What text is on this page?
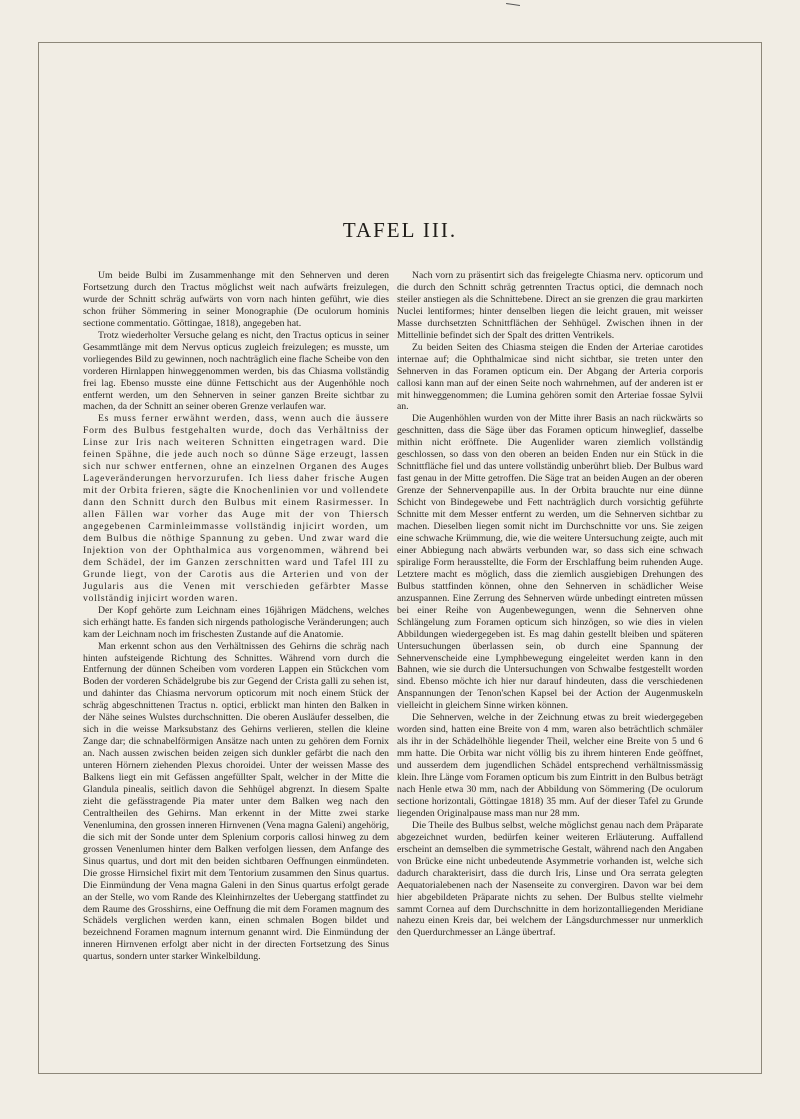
TAFEL III.

Um beide Bulbi im Zusammenhange mit den Sehnerven und deren Fortsetzung durch den Tractus möglichst weit nach aufwärts freizulegen, wurde der Schnitt schräg aufwärts von vorn nach hinten geführt, wie dies schon früher Sömmering in seiner Monographie (De oculorum hominis sectione commentatio. Göttingae, 1818), angegeben hat.

Trotz wiederholter Versuche gelang es nicht, den Tractus opticus in seiner Gesammtlänge mit dem Nervus opticus zugleich freizulegen; es musste, um vorliegendes Bild zu gewinnen, noch nachträglich eine flache Scheibe von den vorderen Hirnlappen hinweggenommen werden, bis das Chiasma vollständig frei lag. Ebenso musste eine dünne Fettschicht aus der Augenhöhle noch entfernt werden, um den Sehnerven in seiner ganzen Breite sichtbar zu machen, da der Schnitt an seiner oberen Grenze verlaufen war.

Es muss ferner erwähnt werden, dass, wenn auch die äussere Form des Bulbus festgehalten wurde, doch das Verhältniss der Linse zur Iris nach weiteren Schnitten eingetragen ward. Die feinen Spähne, die jede auch noch so dünne Säge erzeugt, lassen sich nur schwer entfernen, ohne an einzelnen Organen des Auges Lageveränderungen hervorzurufen. Ich liess daher frische Augen mit der Orbita frieren, sägte die Knochenlinien vor und vollendete dann den Schnitt durch den Bulbus mit einem Rasirmesser. In allen Fällen war vorher das Auge mit der von Thiersch angegebenen Carminleimmasse vollständig injicirt worden, um dem Bulbus die nöthige Spannung zu geben. Und zwar ward die Injektion von der Ophthalmica aus vorgenommen, während bei dem Schädel, der im Ganzen zerschnitten ward und Tafel III zu Grunde liegt, von der Carotis aus die Arterien und von der Jugularis aus die Venen mit verschieden gefärbter Masse vollständig injicirt worden waren.

Der Kopf gehörte zum Leichnam eines 16jährigen Mädchens, welches sich erhängt hatte. Es fanden sich nirgends pathologische Veränderungen; auch kam der Leichnam noch im frischesten Zustande auf die Anatomie.

Man erkennt schon aus den Verhältnissen des Gehirns die schräg nach hinten aufsteigende Richtung des Schnittes. Während vorn durch die Entfernung der dünnen Scheiben vom vorderen Lappen ein Stückchen vom Boden der vorderen Schädelgrube bis zur Gegend der Crista galli zu sehen ist, und dahinter das Chiasma nervorum opticorum mit noch einem Stück der schräg abgeschnittenen Tractus n. optici, erblickt man hinten den Balken in der Nähe seines Wulstes durchschnitten. Die oberen Ausläufer desselben, die sich in die weisse Marksubstanz des Gehirns verlieren, stellen die kleine Zange dar; die schnabelförmigen Ansätze nach unten zu gehören dem Fornix an. Nach aussen zwischen beiden zeigen sich dunkler gefärbt die nach den unteren Hörnern ziehenden Plexus choroidei. Unter der weissen Masse des Balkens liegt ein mit Gefässen angefüllter Spalt, welcher in der Mitte die Glandula pinealis, seitlich davon die Sehhügel abgrenzt. In diesem Spalte zieht die gefässtragende Pia mater unter dem Balken weg nach den Centraltheilen des Gehirns. Man erkennt in der Mitte zwei starke Venenlumina, den grossen inneren Hirnvenen (Vena magna Galeni) angehörig, die sich mit der Sonde unter dem Splenium corporis callosi hinweg zu dem grossen Venenlumen hinter dem Balken verfolgen liessen, dem Anfange des Sinus quartus, und dort mit den beiden sichtbaren Oeffnungen einmündeten. Die grosse Hirnsichel fixirt mit dem Tentorium zusammen den Sinus quartus. Die Einmündung der Vena magna Galeni in den Sinus quartus erfolgt gerade an der Stelle, wo vom Rande des Kleinhirnzeltes der Uebergang stattfindet zu dem Raume des Grosshirns, eine Oeffnung die mit dem Foramen magnum des Schädels verglichen werden kann, einen schmalen Bogen bildet und bezeichnend Foramen magnum internum genannt wird. Die Einmündung der inneren Hirnvenen erfolgt aber nicht in der directen Fortsetzung des Sinus quartus, sondern unter starker Winkelbildung.

Nach vorn zu präsentirt sich das freigelegte Chiasma nerv. opticorum und die durch den Schnitt schräg getrennten Tractus optici, die demnach noch steiler anstiegen als die Schnittebene. Direct an sie grenzen die grau markirten Nuclei lentiformes; hinter denselben liegen die leicht grauen, mit weisser Masse durchsetzten Schnittflächen der Sehhügel. Zwischen ihnen in der Mittellinie befindet sich der Spalt des dritten Ventrikels.

Zu beiden Seiten des Chiasma steigen die Enden der Arteriae carotides internae auf; die Ophthalmicae sind nicht sichtbar, sie treten unter den Sehnerven in das Foramen opticum ein. Der Abgang der Arteria corporis callosi kann man auf der einen Seite noch wahrnehmen, auf der anderen ist er mit hinweggenommen; die Lumina gehören somit den Arteriae fossae Sylvii an.

Die Augenhöhlen wurden von der Mitte ihrer Basis an nach rückwärts so geschnitten, dass die Säge über das Foramen opticum hinweglief, dasselbe mithin nicht eröffnete. Die Augenlider waren ziemlich vollständig geschlossen, so dass von den oberen an beiden Enden nur ein Stück in die Schnittfläche fiel und das untere vollständig unberührt blieb. Der Bulbus ward fast genau in der Mitte getroffen. Die Säge trat an beiden Augen an der oberen Grenze der Sehnervenpapille aus. In der Orbita brauchte nur eine dünne Schicht von Bindegewebe und Fett nachträglich durch vorsichtig geführte Schnitte mit dem Messer entfernt zu werden, um die Sehnerven sichtbar zu machen. Dieselben liegen somit nicht im Durchschnitte vor uns. Sie zeigen eine schwache Krümmung, die, wie die weitere Untersuchung zeigte, auch mit einer Abbiegung nach abwärts verbunden war, so dass sich eine schwach spiralige Form herausstellte, die Form der Erschlaffung beim ruhenden Auge. Letztere macht es möglich, dass die ziemlich ausgiebigen Drehungen des Bulbus stattfinden können, ohne den Sehnerven in schädlicher Weise anzuspannen. Eine Zerrung des Sehnerven würde unbedingt eintreten müssen bei einer Reihe von Augenbewegungen, wenn die Sehnerven ohne Schlängelung zum Foramen opticum sich hinzögen, so wie dies in vielen Abbildungen wiedergegeben ist. Es mag dahin gestellt bleiben und späteren Untersuchungen überlassen sein, ob durch eine Spannung der Sehnervenscheide eine Lymphbewegung eingeleitet werden kann in den Bahnen, wie sie durch die Untersuchungen von Schwalbe festgestellt worden sind. Ebenso möchte ich hier nur darauf hindeuten, dass die verschiedenen Anspannungen der Tenon'schen Kapsel bei der Action der Augenmuskeln vielleicht in gleichem Sinne wirken können.

Die Sehnerven, welche in der Zeichnung etwas zu breit wiedergegeben worden sind, hatten eine Breite von 4 mm, waren also beträchtlich schmäler als ihr in der Schädelhöhle liegender Theil, welcher eine Breite von 5 und 6 mm hatte. Die Orbita war nicht völlig bis zu ihrem hinteren Ende geöffnet, und ausserdem dem jugendlichen Schädel entsprechend verhältnissmässig klein. Ihre Länge vom Foramen opticum bis zum Eintritt in den Bulbus beträgt nach Henle etwa 30 mm, nach der Abbildung von Sömmering (De oculorum sectione horizontali, Göttingae 1818) 35 mm. Auf der dieser Tafel zu Grunde liegenden Originalpause mass man nur 28 mm.

Die Theile des Bulbus selbst, welche möglichst genau nach dem Präparate abgezeichnet wurden, bedürfen keiner weiteren Erläuterung. Auffallend erscheint an demselben die symmetrische Gestalt, während nach den Angaben von Brücke eine nicht unbedeutende Asymmetrie vorhanden ist, welche sich dadurch charakterisirt, dass die durch Iris, Linse und Ora serrata gelegten Aequatorialebenen nach der Nasenseite zu convergiren. Davon war bei dem hier abgebildeten Präparate nichts zu sehen. Der Bulbus stellte vielmehr sammt Cornea auf dem Durchschnitte in dem horizontalliegenden Meridiane nahezu einen Kreis dar, bei welchem der Längsdurchmesser nur unmerklich den Querdurchmesser an Länge übertraf.
